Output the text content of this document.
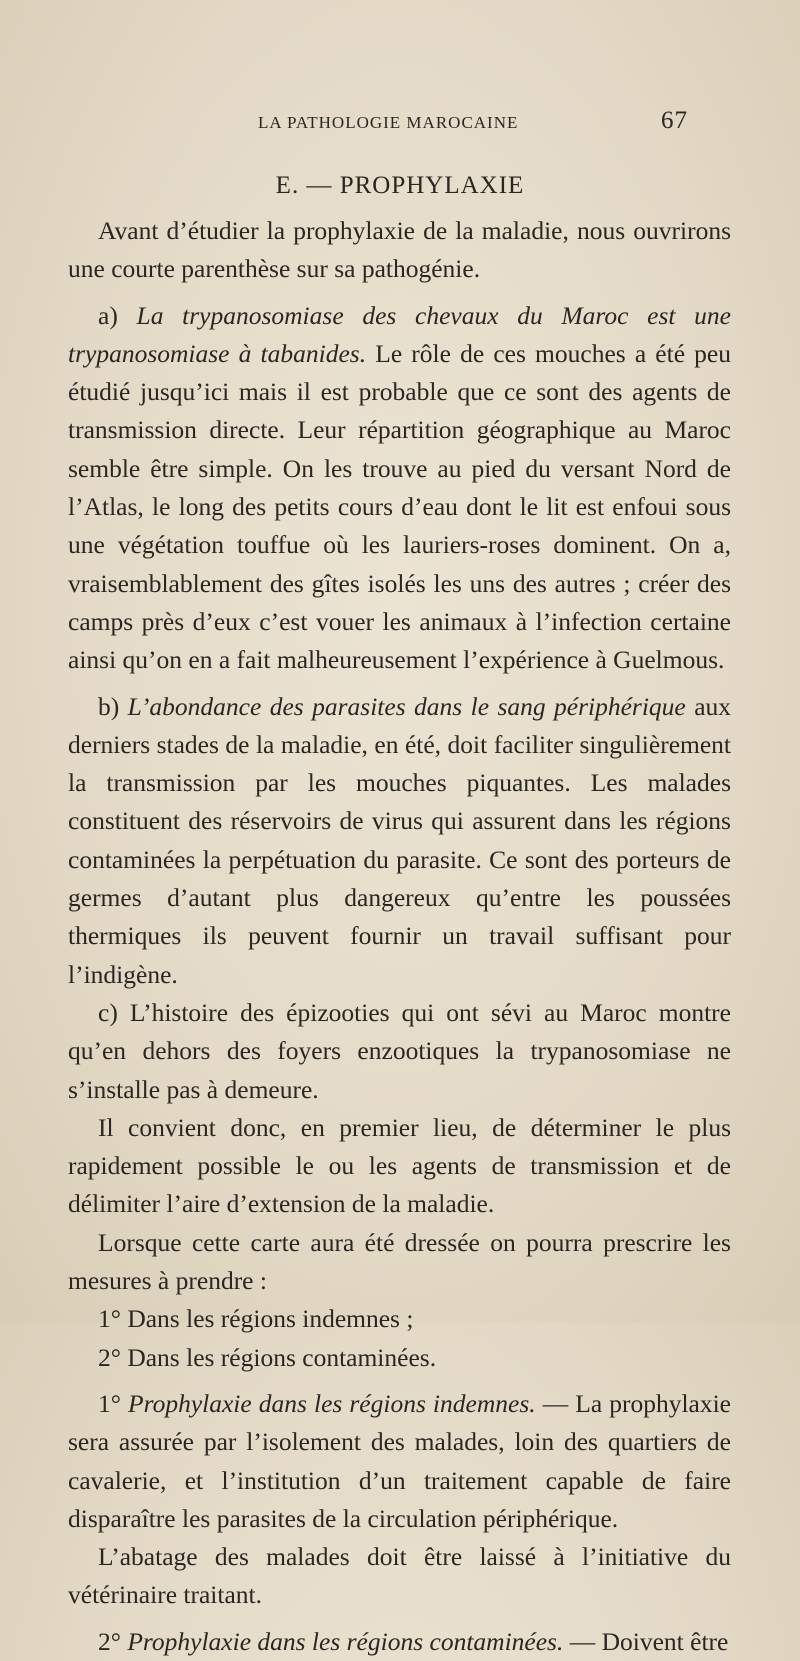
LA PATHOLOGIE MAROCAINE	67
E. — PROPHYLAXIE

Avant d’étudier la prophylaxie de la maladie, nous ouvrirons une courte parenthèse sur sa pathogénie.

a) La trypanosomiase des chevaux du Maroc est une trypanosomiase à tabanides. Le rôle de ces mouches a été peu étudié jusqu’ici mais il est probable que ce sont des agents de transmission directe. Leur répartition géographique au Maroc semble être simple. On les trouve au pied du versant Nord de l’Atlas, le long des petits cours d’eau dont le lit est enfoui sous une végétation touffue où les lauriers-roses dominent. On a, vraisemblablement des gîtes isolés les uns des autres ; créer des camps près d’eux c’est vouer les animaux à l’infection certaine ainsi qu’on en a fait malheureusement l’expérience à Guelmous.

b) L’abondance des parasites dans le sang périphérique aux derniers stades de la maladie, en été, doit faciliter singulièrement la transmission par les mouches piquantes. Les malades constituent des réservoirs de virus qui assurent dans les régions contaminées la perpétuation du parasite. Ce sont des porteurs de germes d’autant plus dangereux qu’entre les poussées thermiques ils peuvent fournir un travail suffisant pour l’indigène.

c) L’histoire des épizooties qui ont sévi au Maroc montre qu’en dehors des foyers enzootiques la trypanosomiase ne s’installe pas à demeure.

Il convient donc, en premier lieu, de déterminer le plus rapidement possible le ou les agents de transmission et de délimiter l’aire d’extension de la maladie.

Lorsque cette carte aura été dressée on pourra prescrire les mesures à prendre :

1° Dans les régions indemnes ;

2° Dans les régions contaminées.

1° Prophylaxie dans les régions indemnes. — La prophylaxie sera assurée par l’isolement des malades, loin des quartiers de cavalerie, et l’institution d’un traitement capable de faire disparaître les parasites de la circulation périphérique.

L’abatage des malades doit être laissé à l’initiative du vétérinaire traitant.

2° Prophylaxie dans les régions contaminées. — Doivent être
